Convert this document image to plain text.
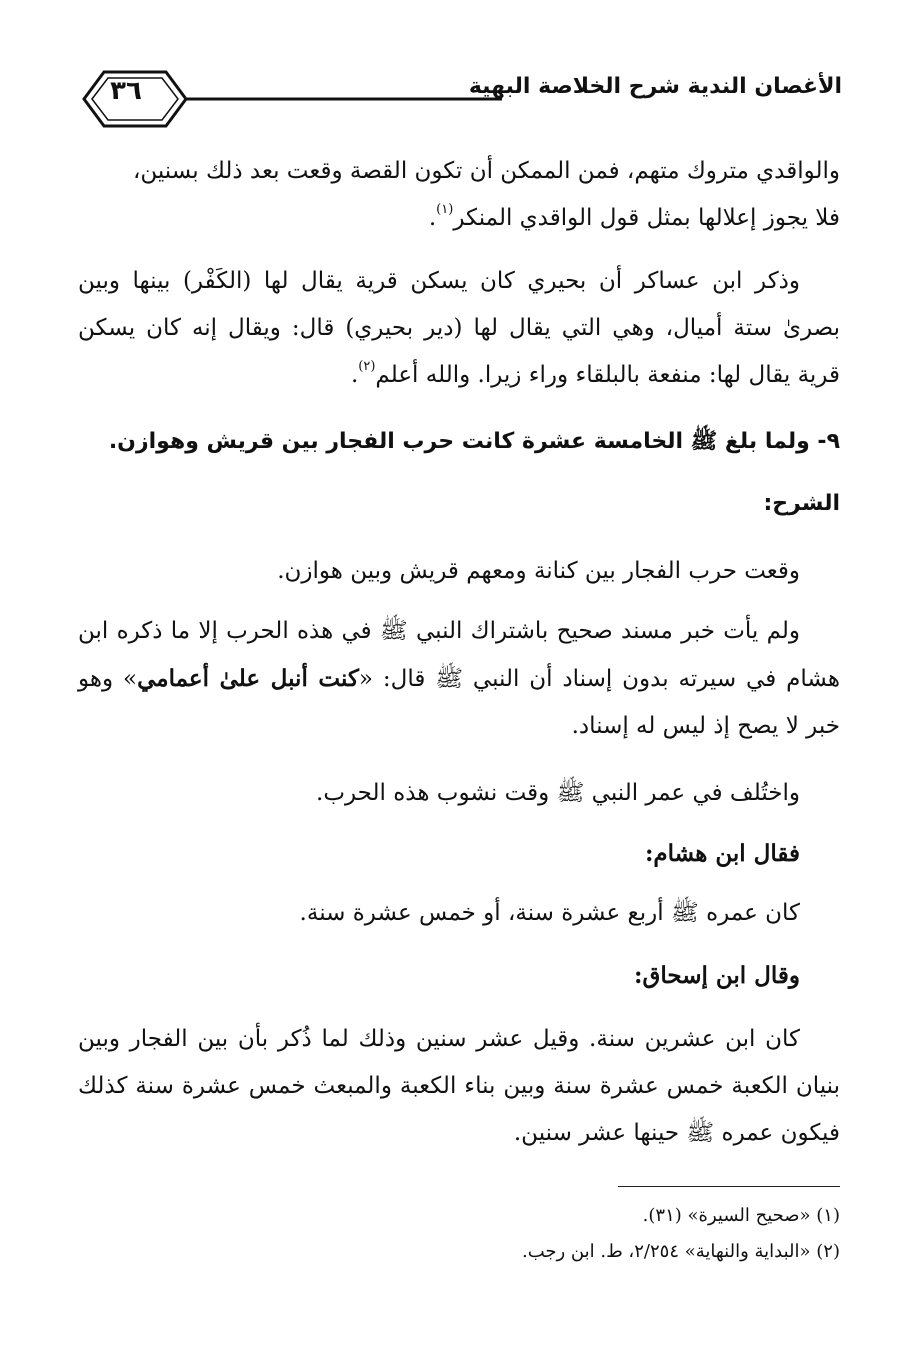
٣٦	الأغصان الندية شرح الخلاصة البهية

والواقدي متروك متهم، فمن الممكن أن تكون القصة وقعت بعد ذلك بسنين،

فلا يجوز إعلالها بمثل قول الواقدي المنكر$^{(١)}$.

وذكر ابن عساكر أن بحيري كان يسكن قرية يقال لها (الكَفْر) بينها وبين بصرىٰ ستة أميال، وهي التي يقال لها (دير بحيري) قال: ويقال إنه كان يسكن قرية يقال لها: منفعة بالبلقاء وراء زيرا. والله أعلم$^{(٢)}$.

٩- ولما بلغ ﷺ الخامسة عشرة كانت حرب الفجار بين قريش وهوازن.
الشرح:

وقعت حرب الفجار بين كنانة ومعهم قريش وبين هوازن.

ولم يأت خبر مسند صحيح باشتراك النبي ﷺ في هذه الحرب إلا ما ذكره ابن هشام في سيرته بدون إسناد أن النبي ﷺ قال: «كنت أنبل علىٰ أعمامي» وهو خبر لا يصح إذ ليس له إسناد.

واختُلف في عمر النبي ﷺ وقت نشوب هذه الحرب.

فقال ابن هشام:

كان عمره ﷺ أربع عشرة سنة، أو خمس عشرة سنة.

وقال ابن إسحاق:

كان ابن عشرين سنة. وقيل عشر سنين وذلك لما ذُكر بأن بين الفجار وبين بنيان الكعبة خمس عشرة سنة وبين بناء الكعبة والمبعث خمس عشرة سنة كذلك فيكون عمره ﷺ حينها عشر سنين.

(١) «صحيح السيرة» (٣١).
(٢) «البداية والنهاية» ٢/٢٥٤، ط. ابن رجب.
